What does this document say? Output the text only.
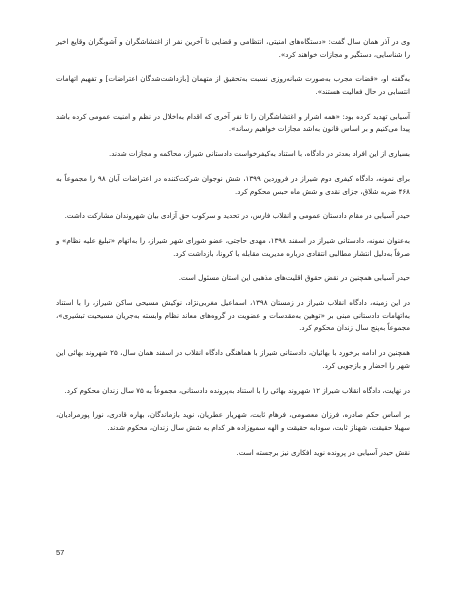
وی در آذر همان سال گفت: «دستگاه‌های امنیتی، انتظامی و قضایی تا آخرین نفر از اغتشاشگران و آشوبگران وقایع اخیر را شناسایی، دستگیر و مجازات خواهند کرد».

به‌گفته او، «قضات مجرب به‌صورت شبانه‌روزی نسبت به‌تحقیق از متهمان [بازداشت‌شدگان اعتراضات] و تفهیم اتهامات انتسابی در حال فعالیت هستند».

آسیابی تهدید کرده بود: «همه اشرار و اغتشاشگران را تا نفر آخری که اقدام به‌اخلال در نظم و امنیت عمومی کرده باشد پیدا می‌کنیم و بر اساس قانون به‌اشد مجازات خواهیم رساند».

بسیاری از این افراد بعدتر در دادگاه، با استناد به‌کیفرخواست دادستانی شیراز، محاکمه و مجازات شدند.

برای نمونه، دادگاه کیفری دوم شیراز در فروردین ۱۳۹۹، شش نوجوان شرکت‌کننده در اعتراضات آبان ۹۸ را مجموعاً به ۴۶۸ ضربه شلاق، جزای نقدی و شش ماه حبس محکوم کرد.

حیدر آسیابی در مقام دادستان عمومی و انقلاب فارس، در تحدید و سرکوب حق آزادی بیان شهروندان مشارکت داشت.

به‌عنوان نمونه، دادستانی شیراز در اسفند ۱۳۹۸، مهدی حاجتی، عضو شورای شهر شیراز، را به‌اتهام «تبلیغ علیه نظام» و صرفاً به‌دلیل انتشار مطالبی انتقادی درباره مدیریت مقابله با کرونا، بازداشت کرد.

حیدر آسیابی همچنین در نقض حقوق اقلیت‌های مذهبی این استان مسئول است.

در این زمینه، دادگاه انقلاب شیراز در زمستان ۱۳۹۸، اسماعیل مغربی‌نژاد، نوکیش مسیحی ساکن شیراز، را با استناد به‌اتهامات دادستانی مبنی بر «توهین به‌مقدسات و عضویت در گروه‌های معاند نظام وابسته به‌جریان مسیحیت تبشیری»، مجموعاً به‌پنج سال زندان محکوم کرد.

همچنین در ادامه برخورد با بهائیان، دادستانی شیراز با هماهنگی دادگاه انقلاب در اسفند همان سال، ۲۵ شهروند بهائی این شهر را احضار و بازجویی کرد.

در نهایت، دادگاه انقلاب شیراز ۱۲ شهروند بهائی را با استناد به‌پرونده دادستانی، مجموعاً به ۷۵ سال زندان محکوم کرد.

بر اساس حکم صادره، فرزان معصومی، فرهام ثابت، شهریار عطریان، نوید بازماندگان، بهاره قادری، نورا پورمرادیان، سهیلا حقیقت، شهناز ثابت، سودابه حقیقت و الهه سمیع‌زاده هر کدام به شش سال زندان، محکوم شدند.

نقش حیدر آسیابی در پرونده نوید افکاری نیز برجسته است.

57
